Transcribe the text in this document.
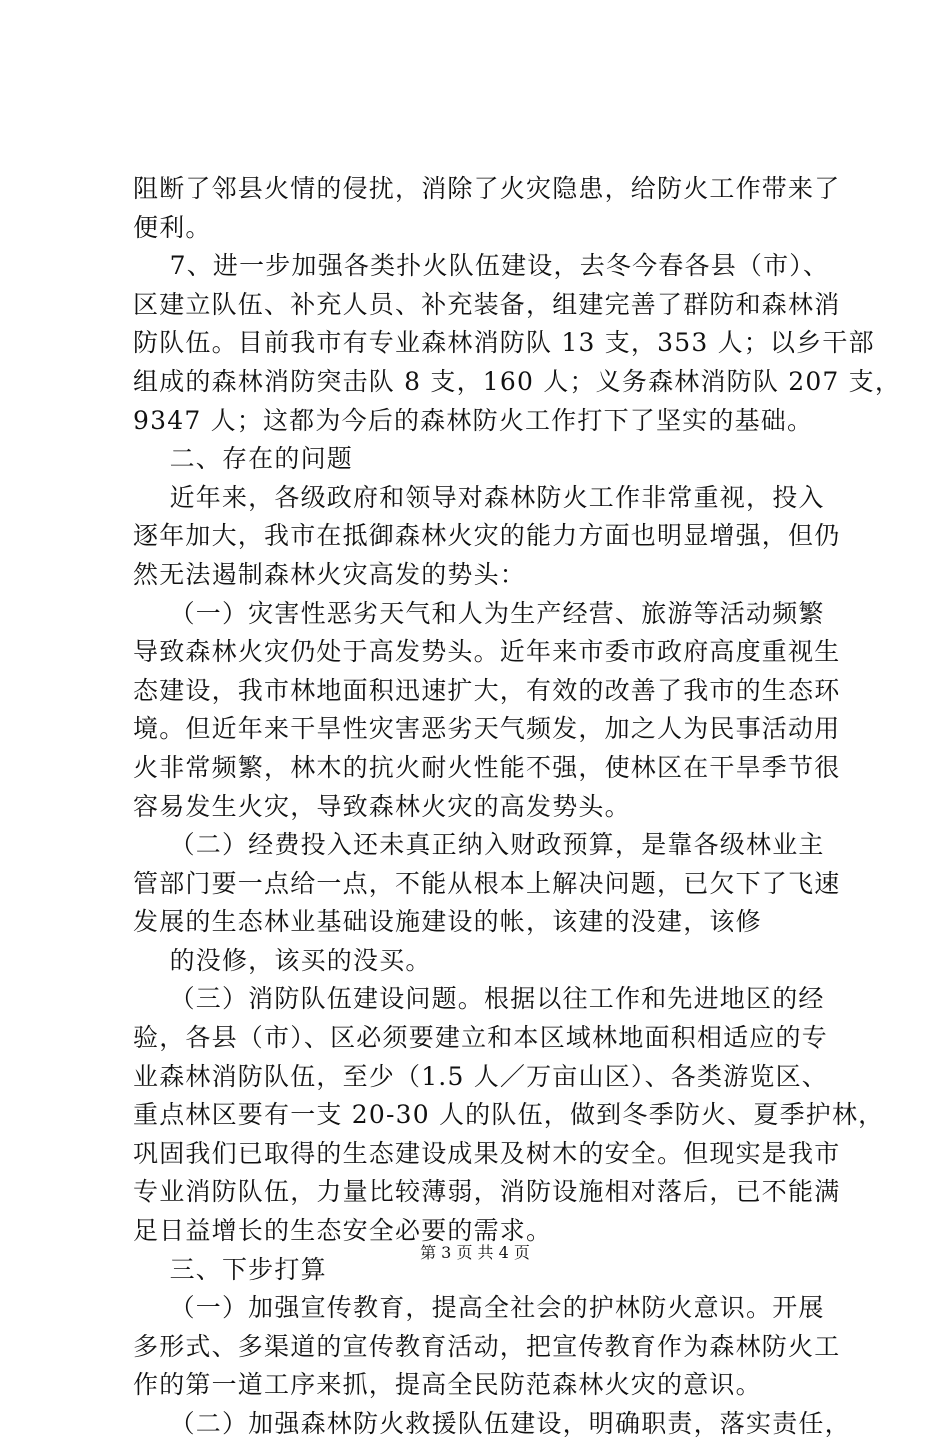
阻断了邻县火情的侵扰，消除了火灾隐患，给防火工作带来了
便利。
7、进一步加强各类扑火队伍建设，去冬今春各县（市）、
区建立队伍、补充人员、补充装备，组建完善了群防和森林消
防队伍。目前我市有专业森林消防队 13 支，353 人；以乡干部
组成的森林消防突击队 8 支，160 人；义务森林消防队 207 支，
9347 人；这都为今后的森林防火工作打下了坚实的基础。
二、存在的问题
近年来，各级政府和领导对森林防火工作非常重视，投入
逐年加大，我市在抵御森林火灾的能力方面也明显增强，但仍
然无法遏制森林火灾高发的势头：
（一）灾害性恶劣天气和人为生产经营、旅游等活动频繁
导致森林火灾仍处于高发势头。近年来市委市政府高度重视生
态建设，我市林地面积迅速扩大，有效的改善了我市的生态环
境。但近年来干旱性灾害恶劣天气频发，加之人为民事活动用
火非常频繁，林木的抗火耐火性能不强，使林区在干旱季节很
容易发生火灾，导致森林火灾的高发势头。
（二）经费投入还未真正纳入财政预算，是靠各级林业主
管部门要一点给一点，不能从根本上解决问题，已欠下了飞速
发展的生态林业基础设施建设的帐，该建的没建，该修
的没修，该买的没买。
（三）消防队伍建设问题。根据以往工作和先进地区的经
验，各县（市）、区必须要建立和本区域林地面积相适应的专
业森林消防队伍，至少（1.5 人／万亩山区）、各类游览区、
重点林区要有一支 20-30 人的队伍，做到冬季防火、夏季护林，
巩固我们已取得的生态建设成果及树木的安全。但现实是我市
专业消防队伍，力量比较薄弱，消防设施相对落后，已不能满
足日益增长的生态安全必要的需求。
三、下步打算
（一）加强宣传教育，提高全社会的护林防火意识。开展
多形式、多渠道的宣传教育活动，把宣传教育作为森林防火工
作的第一道工序来抓，提高全民防范森林火灾的意识。
（二）加强森林防火救援队伍建设，明确职责，落实责任，
第 3 页 共 4 页
